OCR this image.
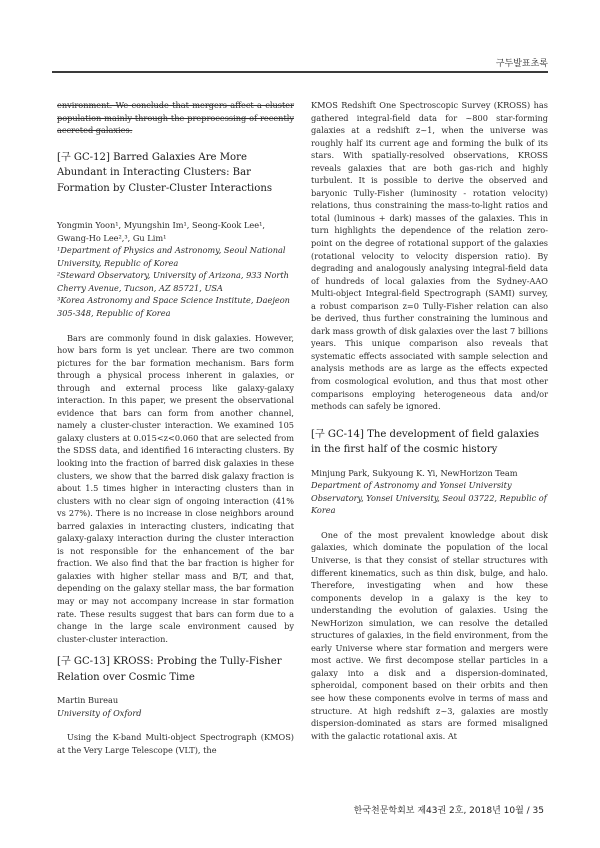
구두발표초록

environment. We conclude that mergers affect a cluster population mainly through the preprocessing of recently accreted galaxies.

[구 GC-12] Barred Galaxies Are More Abundant in Interacting Clusters: Bar Formation by Cluster-Cluster Interactions

Yongmin Yoon¹, Myungshin Im¹, Seong-Kook Lee¹, Gwang-Ho Lee²,³, Gu Lim¹

¹Department of Physics and Astronomy, Seoul National University, Republic of Korea

²Steward Observatory, University of Arizona, 933 North Cherry Avenue, Tucson, AZ 85721, USA

³Korea Astronomy and Space Science Institute, Daejeon 305-348, Republic of Korea

Bars are commonly found in disk galaxies. However, how bars form is yet unclear. There are two common pictures for the bar formation mechanism. Bars form through a physical process inherent in galaxies, or through and external process like galaxy-galaxy interaction. In this paper, we present the observational evidence that bars can form from another channel, namely a cluster-cluster interaction. We examined 105 galaxy clusters at 0.015<z<0.060 that are selected from the SDSS data, and identified 16 interacting clusters. By looking into the fraction of barred disk galaxies in these clusters, we show that the barred disk galaxy fraction is about 1.5 times higher in interacting clusters than in clusters with no clear sign of ongoing interaction (41% vs 27%). There is no increase in close neighbors around barred galaxies in interacting clusters, indicating that galaxy-galaxy interaction during the cluster interaction is not responsible for the enhancement of the bar fraction. We also find that the bar fraction is higher for galaxies with higher stellar mass and B/T, and that, depending on the galaxy stellar mass, the bar formation may or may not accompany increase in star formation rate. These results suggest that bars can form due to a change in the large scale environment caused by cluster-cluster interaction.

[구 GC-13] KROSS: Probing the Tully-Fisher Relation over Cosmic Time

Martin Bureau

University of Oxford

Using the K-band Multi-object Spectrograph (KMOS) at the Very Large Telescope (VLT), the

KMOS Redshift One Spectroscopic Survey (KROSS) has gathered integral-field data for ~800 star-forming galaxies at a redshift z~1, when the universe was roughly half its current age and forming the bulk of its stars. With spatially-resolved observations, KROSS reveals galaxies that are both gas-rich and highly turbulent. It is possible to derive the observed and baryonic Tully-Fisher (luminosity - rotation velocity) relations, thus constraining the mass-to-light ratios and total (luminous + dark) masses of the galaxies. This in turn highlights the dependence of the relation zero-point on the degree of rotational support of the galaxies (rotational velocity to velocity dispersion ratio). By degrading and analogously analysing integral-field data of hundreds of local galaxies from the Sydney-AAO Multi-object Integral-field Spectrograph (SAMI) survey, a robust comparison z=0 Tully-Fisher relation can also be derived, thus further constraining the luminous and dark mass growth of disk galaxies over the last 7 billions years. This unique comparison also reveals that systematic effects associated with sample selection and analysis methods are as large as the effects expected from cosmological evolution, and thus that most other comparisons employing heterogeneous data and/or methods can safely be ignored.

[구 GC-14] The development of field galaxies in the first half of the cosmic history

Minjung Park, Sukyoung K. Yi, NewHorizon Team

Department of Astronomy and Yonsei University Observatory, Yonsei University, Seoul 03722, Republic of Korea

One of the most prevalent knowledge about disk galaxies, which dominate the population of the local Universe, is that they consist of stellar structures with different kinematics, such as thin disk, bulge, and halo. Therefore, investigating when and how these components develop in a galaxy is the key to understanding the evolution of galaxies. Using the NewHorizon simulation, we can resolve the detailed structures of galaxies, in the field environment, from the early Universe where star formation and mergers were most active. We first decompose stellar particles in a galaxy into a disk and a dispersion-dominated, spheroidal, component based on their orbits and then see how these components evolve in terms of mass and structure. At high redshift z~3, galaxies are mostly dispersion-dominated as stars are formed misaligned with the galactic rotational axis. At

한국천문학회보 제43권 2호, 2018년 10월 / 35
